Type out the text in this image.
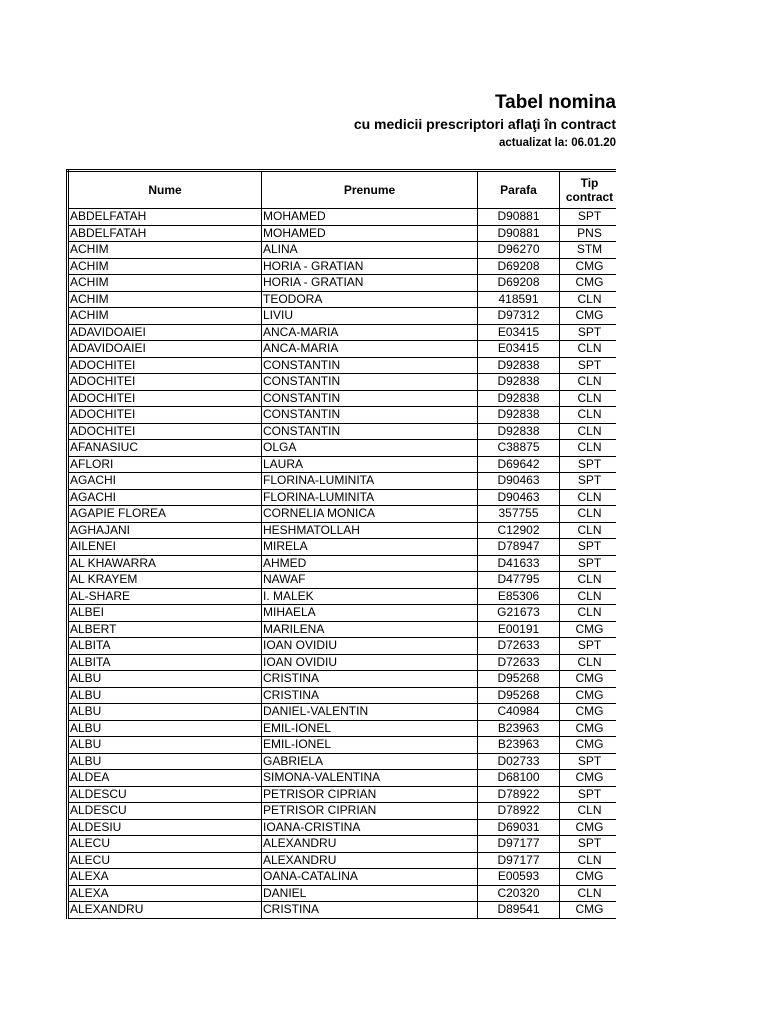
Tabel nomina
cu medicii prescriptori aflaţi în contract
actualizat la: 06.01.20
Nume	Prenume	Parafa	Tip contract
ABDELFATAH	MOHAMED	D90881	SPT
ABDELFATAH	MOHAMED	D90881	PNS
ACHIM	ALINA	D96270	STM
ACHIM	HORIA - GRATIAN	D69208	CMG
ACHIM	HORIA - GRATIAN	D69208	CMG
ACHIM	TEODORA	418591	CLN
ACHIM	LIVIU	D97312	CMG
ADAVIDOAIEI	ANCA-MARIA	E03415	SPT
ADAVIDOAIEI	ANCA-MARIA	E03415	CLN
ADOCHITEI	CONSTANTIN	D92838	SPT
ADOCHITEI	CONSTANTIN	D92838	CLN
ADOCHITEI	CONSTANTIN	D92838	CLN
ADOCHITEI	CONSTANTIN	D92838	CLN
ADOCHITEI	CONSTANTIN	D92838	CLN
AFANASIUC	OLGA	C38875	CLN
AFLORI	LAURA	D69642	SPT
AGACHI	FLORINA-LUMINITA	D90463	SPT
AGACHI	FLORINA-LUMINITA	D90463	CLN
AGAPIE FLOREA	CORNELIA MONICA	357755	CLN
AGHAJANI	HESHMATOLLAH	C12902	CLN
AILENEI	MIRELA	D78947	SPT
AL KHAWARRA	AHMED	D41633	SPT
AL KRAYEM	NAWAF	D47795	CLN
AL-SHARE	I. MALEK	E85306	CLN
ALBEI	MIHAELA	G21673	CLN
ALBERT	MARILENA	E00191	CMG
ALBITA	IOAN OVIDIU	D72633	SPT
ALBITA	IOAN OVIDIU	D72633	CLN
ALBU	CRISTINA	D95268	CMG
ALBU	CRISTINA	D95268	CMG
ALBU	DANIEL-VALENTIN	C40984	CMG
ALBU	EMIL-IONEL	B23963	CMG
ALBU	EMIL-IONEL	B23963	CMG
ALBU	GABRIELA	D02733	SPT
ALDEA	SIMONA-VALENTINA	D68100	CMG
ALDESCU	PETRISOR CIPRIAN	D78922	SPT
ALDESCU	PETRISOR CIPRIAN	D78922	CLN
ALDESIU	IOANA-CRISTINA	D69031	CMG
ALECU	ALEXANDRU	D97177	SPT
ALECU	ALEXANDRU	D97177	CLN
ALEXA	OANA-CATALINA	E00593	CMG
ALEXA	DANIEL	C20320	CLN
ALEXANDRU	CRISTINA	D89541	CMG
